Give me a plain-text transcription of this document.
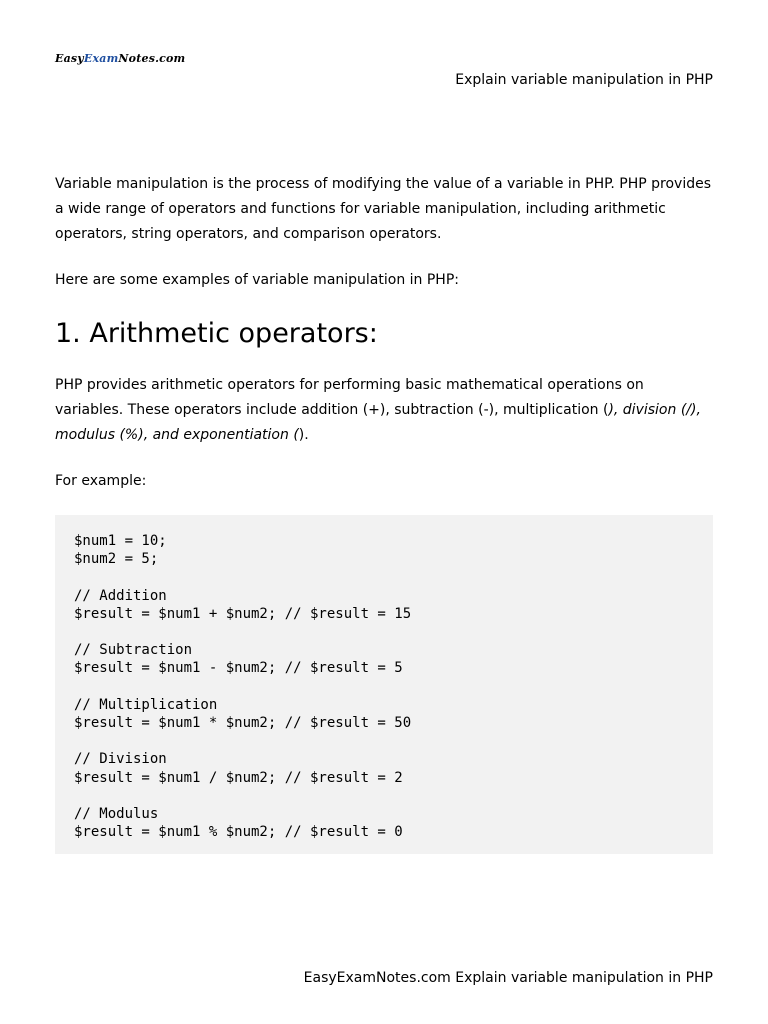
EasyExamNotes.com
Explain variable manipulation in PHP

Variable manipulation is the process of modifying the value of a variable in PHP. PHP provides a wide range of operators and functions for variable manipulation, including arithmetic operators, string operators, and comparison operators.

Here are some examples of variable manipulation in PHP:

1. Arithmetic operators:

PHP provides arithmetic operators for performing basic mathematical operations on variables. These operators include addition (+), subtraction (-), multiplication (), division (/), modulus (%), and exponentiation ().

For example:

$num1 = 10;
$num2 = 5;
// Addition
$result = $num1 + $num2; // $result = 15
// Subtraction
$result = $num1 - $num2; // $result = 5
// Multiplication
$result = $num1 * $num2; // $result = 50
// Division
$result = $num1 / $num2; // $result = 2
// Modulus
$result = $num1 % $num2; // $result = 0
EasyExamNotes.com Explain variable manipulation in PHP
